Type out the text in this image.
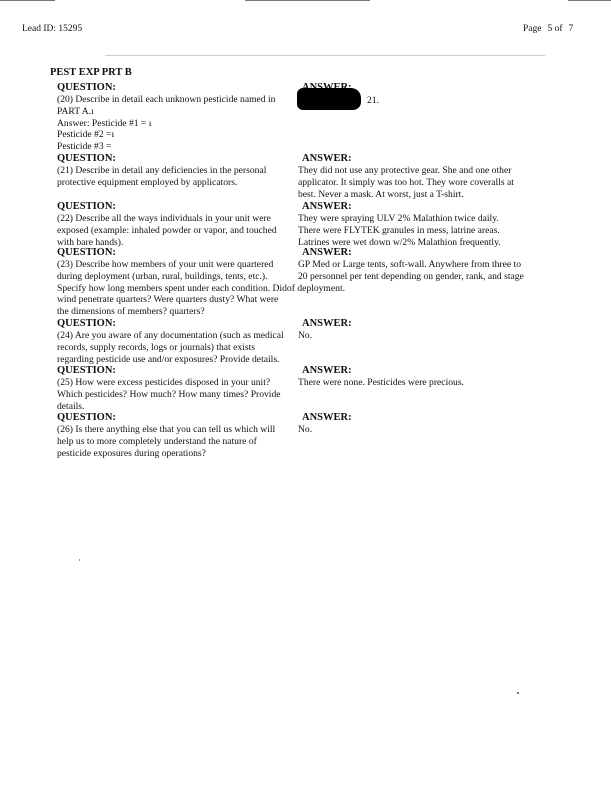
Lead ID: 15295	Page 5 of 7
PEST EXP PRT B
QUESTION:
(20) Describe in detail each unknown pesticide named in
PART A.ı
Answer: Pesticide #1 = ı
Pesticide #2 =ı
Pesticide #3 =
21.
QUESTION:
(21) Describe in detail any deficiencies in the personal
protective equipment employed by applicators.
ANSWER:
They did not use any protective gear. She and one other
applicator. It simply was too hot. They wore coveralls at
best. Never a mask. At worst, just a T-shirt.
QUESTION:
(22) Describe all the ways individuals in your unit were
exposed (example: inhaled powder or vapor, and touched
with bare hands).
ANSWER:
They were spraying ULV 2% Malathion twice daily.
There were FLYTEK granules in mess, latrine areas.
Latrines were wet down w/2% Malathion frequently.
QUESTION:
(23) Describe how members of your unit were quartered
during deployment (urban, rural, buildings, tents, etc.).
Specify how long members spent under each condition. Didof deployment.
wind penetrate quarters? Were quarters dusty? What were
the dimensions of members? quarters?
ANSWER:
GP Med or Large tents, soft-wall. Anywhere from three to
20 personnel per tent depending on gender, rank, and stage
QUESTION:
(24) Are you aware of any documentation (such as medical
records, supply records, logs or journals) that exists
regarding pesticide use and/or exposures? Provide details.
ANSWER:
No.
QUESTION:
(25) How were excess pesticides disposed in your unit?
Which pesticides? How much? How many times? Provide
details.
ANSWER:
There were none. Pesticides were precious.
QUESTION:
(26) Is there anything else that you can tell us which will
help us to more completely understand the nature of
pesticide exposures during operations?
ANSWER:
No.
